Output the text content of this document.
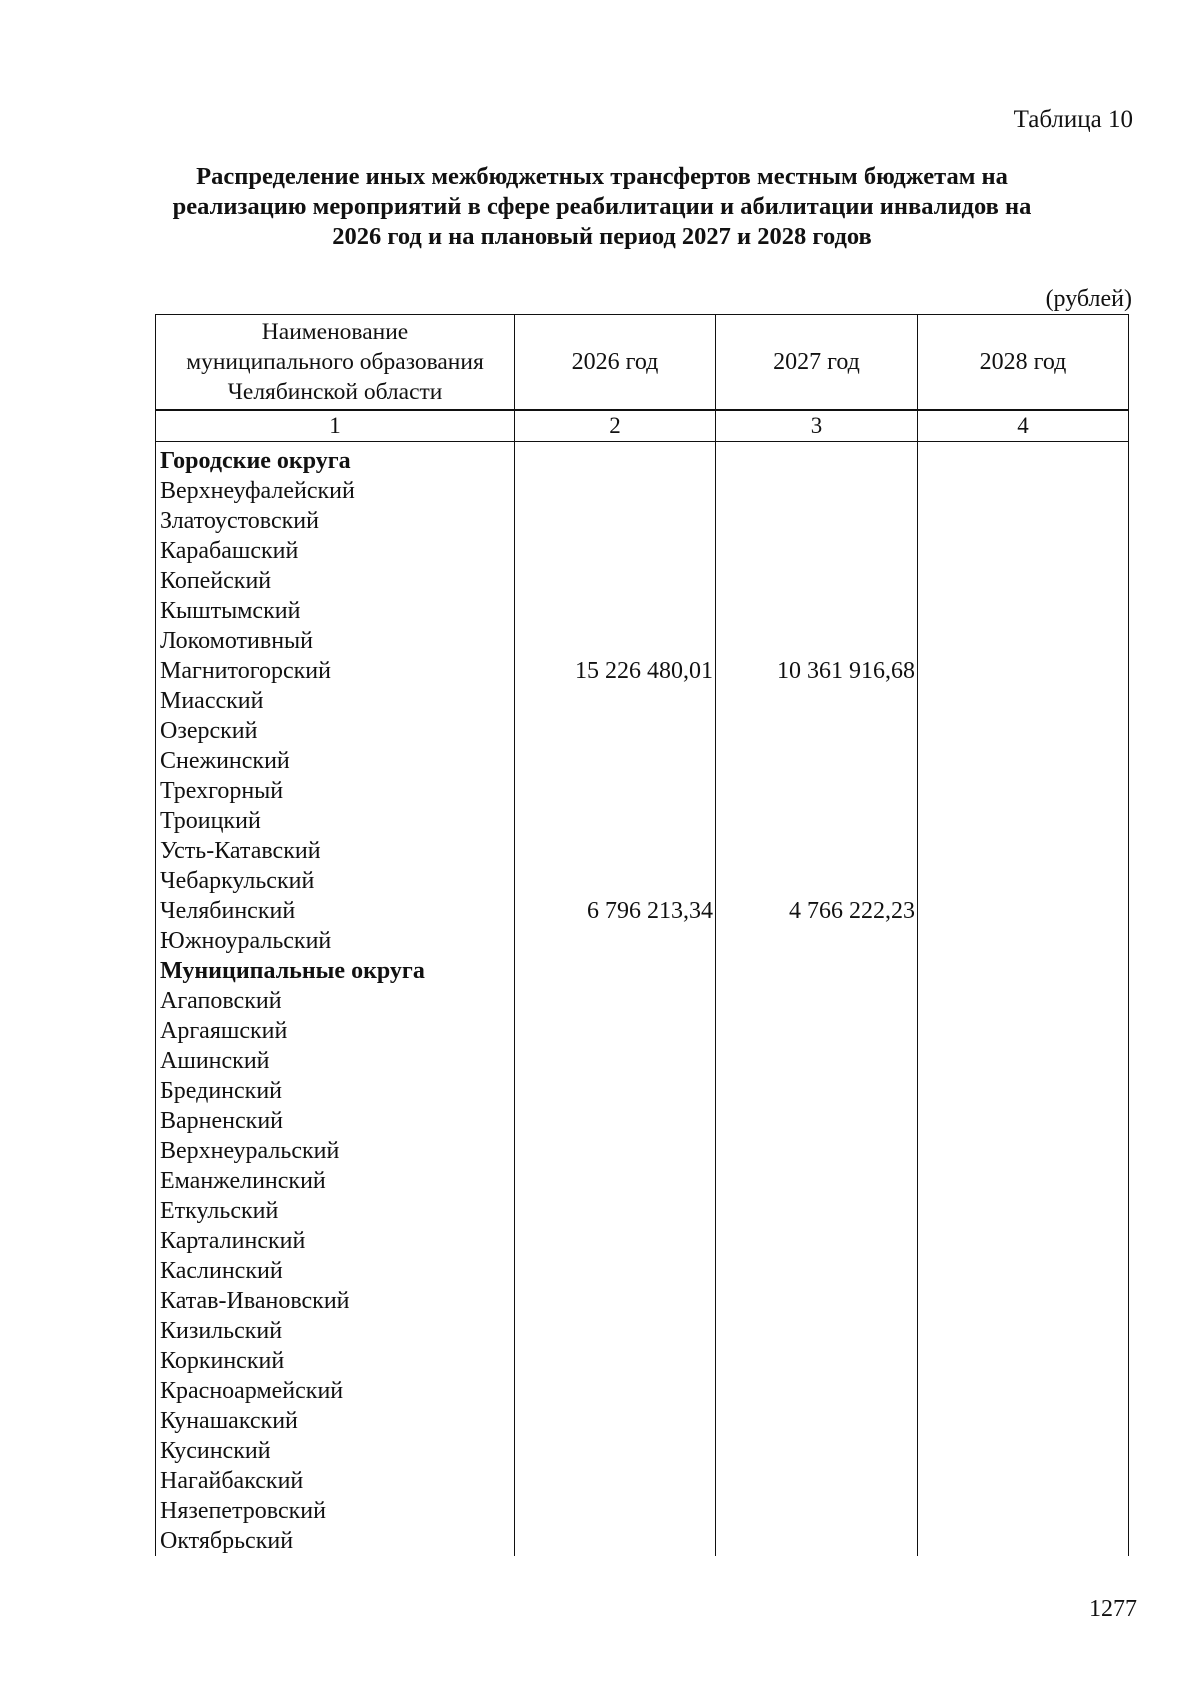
Таблица 10
Распределение иных межбюджетных трансфертов местным бюджетам на
реализацию мероприятий в сфере реабилитации и абилитации инвалидов на
2026 год и на плановый период 2027 и 2028 годов
(рублей)
Наименование
муниципального образования
Челябинской области	2026 год	2027 год	2028 год
1	2	3	4

Городские округа			
Верхнеуфалейский			
Златоустовский			
Карабашский			
Копейский			
Кыштымский			
Локомотивный			
Магнитогорский	15 226 480,01	10 361 916,68	
Миасский			
Озерский			
Снежинский			
Трехгорный			
Троицкий			
Усть-Катавский			
Чебаркульский			
Челябинский	6 796 213,34	4 766 222,23	
Южноуральский			
Муниципальные округа			
Агаповский			
Аргаяшский			
Ашинский			
Брединский			
Варненский			
Верхнеуральский			
Еманжелинский			
Еткульский			
Карталинский			
Каслинский			
Катав-Ивановский			
Кизильский			
Коркинский			
Красноармейский			
Кунашакский			
Кусинский			
Нагайбакский			
Нязепетровский			
Октябрьский			
1277
